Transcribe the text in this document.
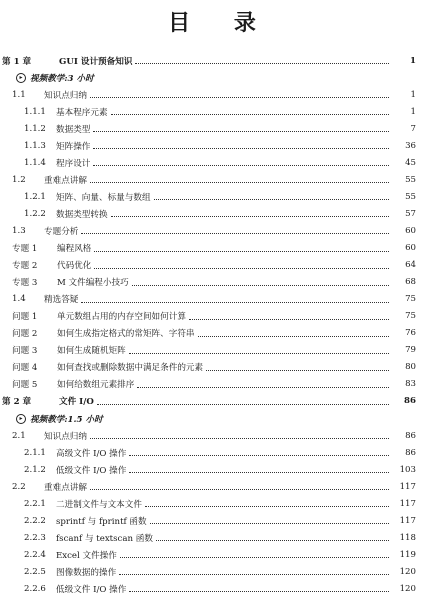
目 录
第 1 章	GUI 设计预备知识	1
▸ 视频教学:3 小时
1.1	知识点归纳	1
1.1.1	基本程序元素	1
1.1.2	数据类型	7
1.1.3	矩阵操作	36
1.1.4	程序设计	45
1.2	重难点讲解	55
1.2.1	矩阵、向量、标量与数组	55
1.2.2	数据类型转换	57
1.3	专题分析	60
专题 1	编程风格	60
专题 2	代码优化	64
专题 3	M 文件编程小技巧	68
1.4	精选答疑	75
问题 1	单元数组占用的内存空间如何计算	75
问题 2	如何生成指定格式的常矩阵、字符串	76
问题 3	如何生成随机矩阵	79
问题 4	如何查找或删除数据中满足条件的元素	80
问题 5	如何给数组元素排序	83
第 2 章	文件 I/O	86
▸ 视频教学:1.5 小时
2.1	知识点归纳	86
2.1.1	高级文件 I/O 操作	86
2.1.2	低级文件 I/O 操作	103
2.2	重难点讲解	117
2.2.1	二进制文件与文本文件	117
2.2.2	sprintf 与 fprintf 函数	117
2.2.3	fscanf 与 textscan 函数	118
2.2.4	Excel 文件操作	119
2.2.5	图像数据的操作	120
2.2.6	低级文件 I/O 操作	120
